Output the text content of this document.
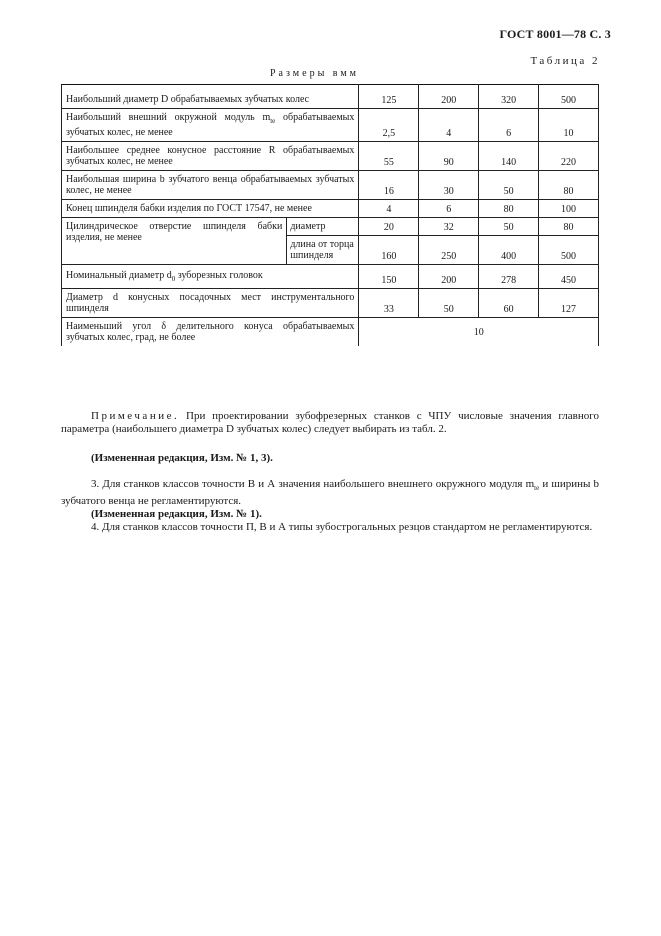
ГОСТ 8001—78 С. 3
Таблица 2
Размеры вмм
Наибольший диаметр D обрабатываемых зубчатых колес		125	200	320	500
Наибольший внешний окружной модуль $m_{te}$ обрабатываемых зубчатых колес, не менее		2,5	4	6	10
Наибольшее среднее конусное расстояние R обрабатываемых зубчатых колес, не менее		55	90	140	220
Наибольшая ширина b зубчатого венца обрабатываемых зубчатых колес, не менее		16	30	50	80
Конец шпинделя бабки изделия по ГОСТ 17547, не менее		4	6	80	100
Цилиндрическое отверстие шпинделя бабки изделия, не менее	диаметр	20	32	50	80
	длина от торца шпинделя	160	250	400	500
Номинальный диаметр $d_0$ зуборезных головок		150	200	278	450
Диаметр d конусных посадочных мест инструментального шпинделя		33	50	60	127
Наименьший угол δ делительного конуса обрабатываемых зубчатых колес, град, не более		10			

Примечание. При проектировании зубофрезерных станков с ЧПУ числовые значения главного параметра (наибольшего диаметра D зубчатых колес) следует выбирать из табл. 2.

(Измененная редакция, Изм. № 1, 3).

3. Для станков классов точности В и А значения наибольшего внешнего окружного модуля $m_{te}$ и ширины b зубчатого венца не регламентируются.

(Измененная редакция, Изм. № 1).

4. Для станков классов точности П, В и А типы зубострогальных резцов стандартом не регламентируются.
